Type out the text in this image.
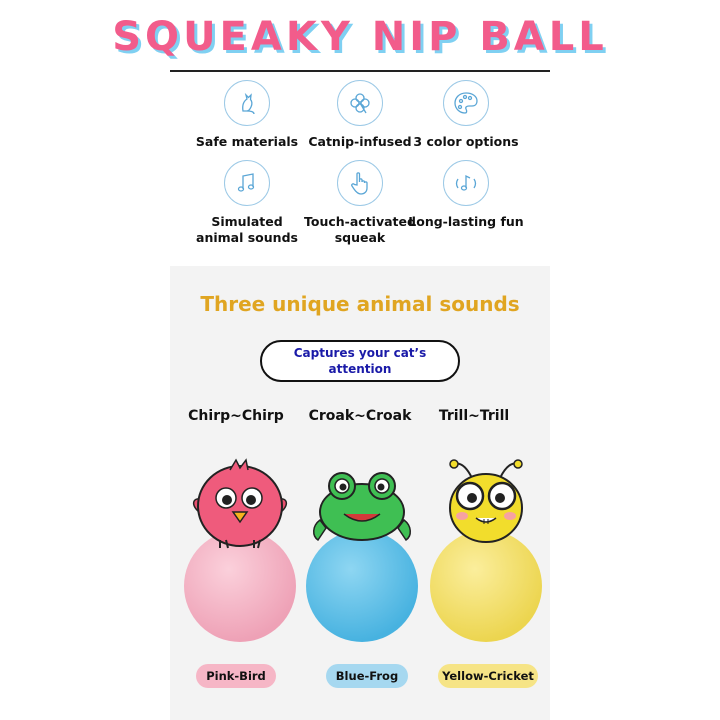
SQUEAKY NIP BALL
Safe materials Catnip-infused 3 color options
Simulated
animal sounds
Touch-activated
squeak
Long-lasting fun
Three unique animal sounds
Captures your cat’s attention
Chirp~Chirp	Croak~Croak	Trill~Trill
Pink-Bird	Blue-Frog	Yellow-Cricket
